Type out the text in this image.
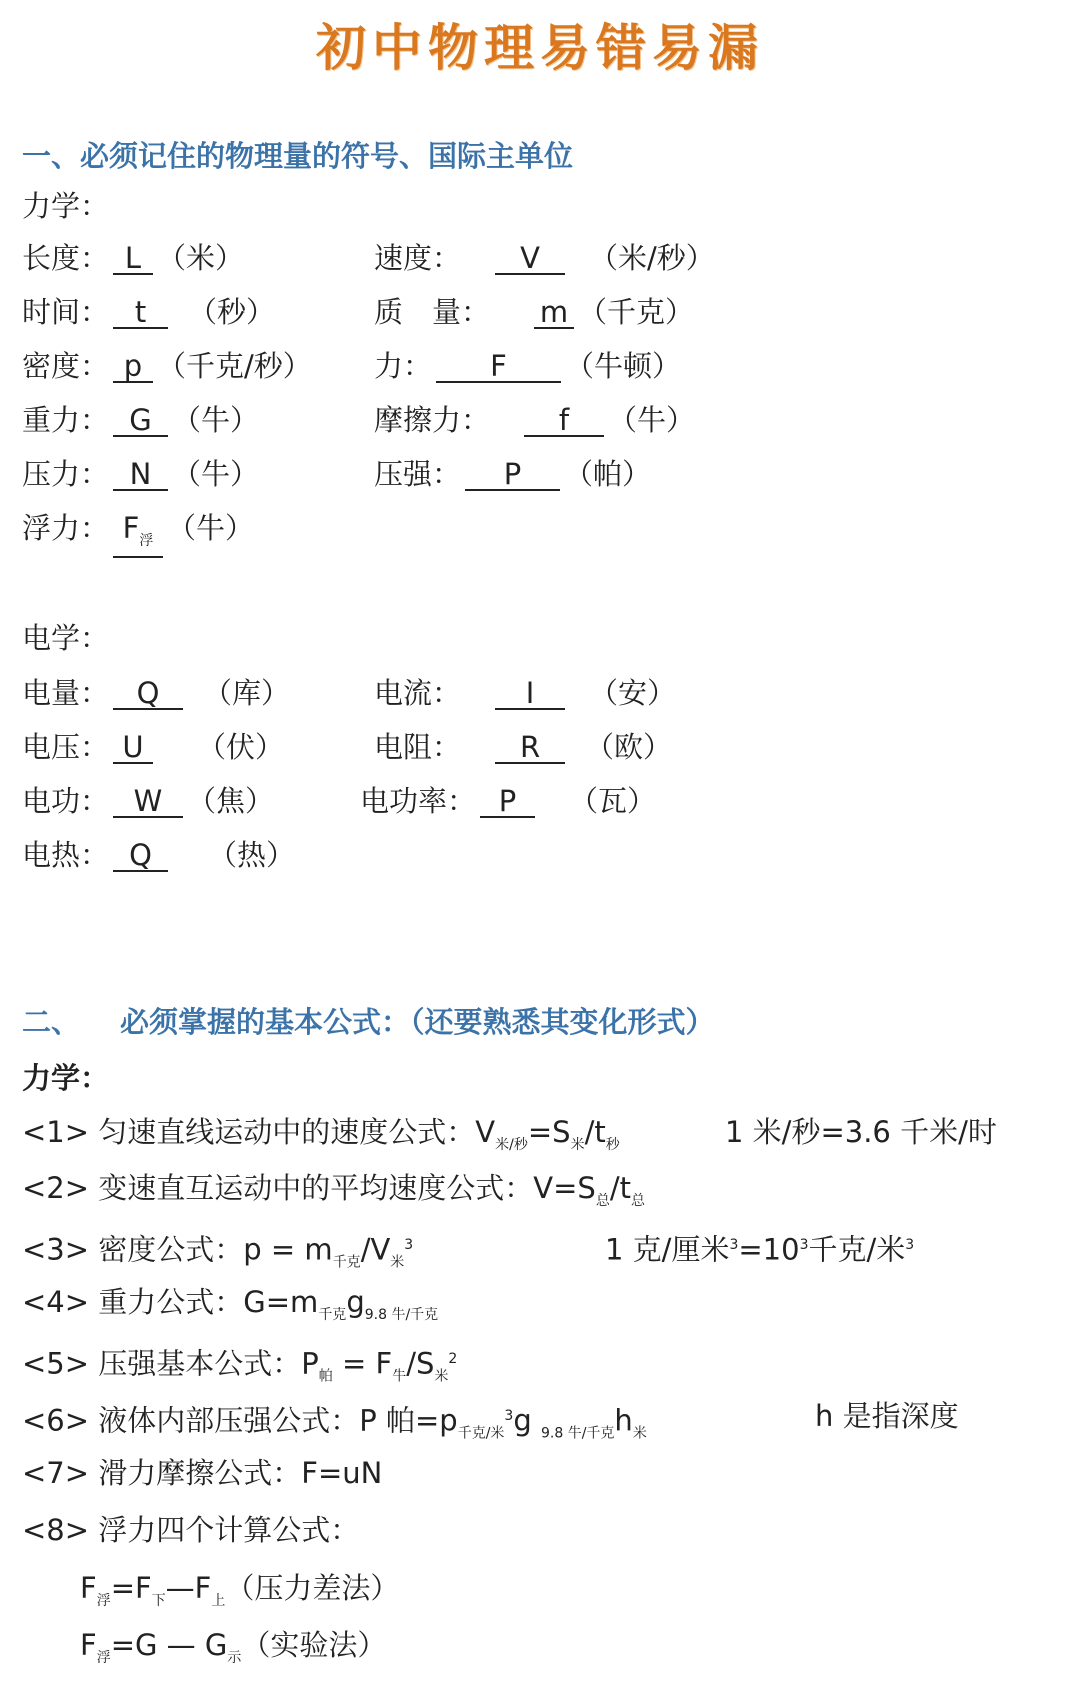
初中物理易错易漏
一、必须记住的物理量的符号、国际主单位
力学：
长度： L （米）	速度： V （米/秒）
时间： t （秒）	质　量： m （千克）
密度： p （千克/秒） 力： F （牛顿）
重力： G （牛）	摩擦力： f （牛）
压力： N （牛）	压强： P （帕）
浮力： $F_浮$ （牛）
电学：
电量： Q （库）	电流： I （安）
电压： U （伏）	电阻： R （欧）
电功： W （焦）	电功率： P （瓦）
电热： Q （热）
二、 必须掌握的基本公式：（还要熟悉其变化形式）
力学：
<1> 匀速直线运动中的速度公式：$V_{米/秒}=S_米/t_秒$	1 米/秒=3.6 千米/时
<2> 变速直互运动中的平均速度公式：$V=S_总/t_总$
<3> 密度公式：$p = m_{千克}/V_米^3$	1 克/厘米$^3=10^3$千克/米$^3$
<4> 重力公式：$G=m_{千克}g_{9.8 牛/千克}$
<5> 压强基本公式：$P_帕 = F_牛/S_米^2$
<6> 液体内部压强公式：P 帕$=p_{千克/米}^3g$ $_{9.8 牛/千克}h_米$
h 是指深度
<7> 滑力摩擦公式：F=uN
<8> 浮力四个计算公式：
$F_浮=F_下—F_上$（压力差法）
$F_浮=G$ — $G_示$（实验法）
